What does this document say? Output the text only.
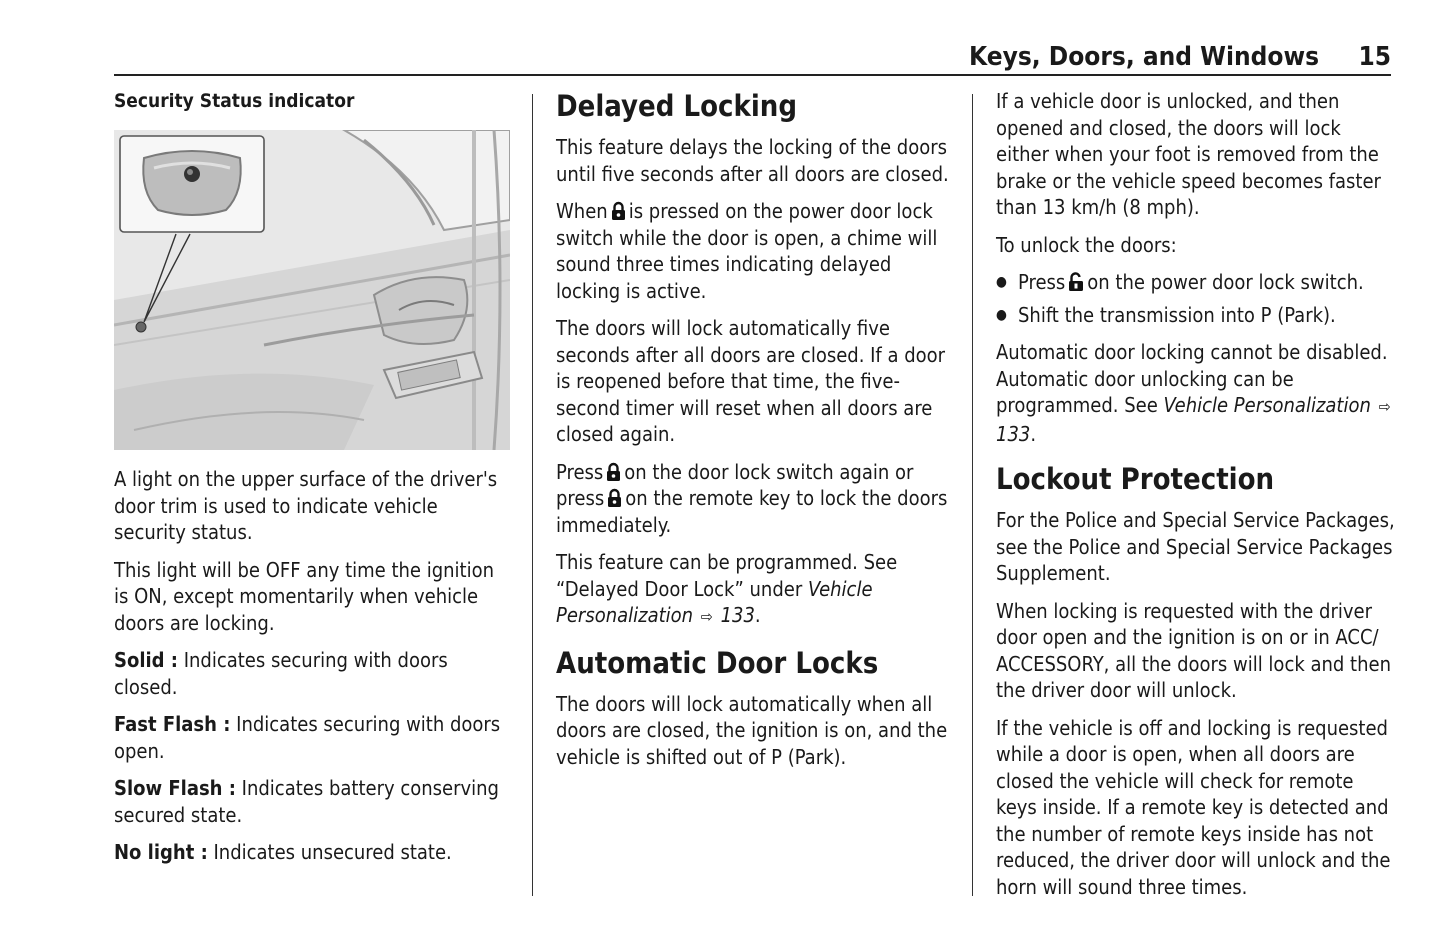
Keys, Doors, and Windows 15
Security Status indicator

A light on the upper surface of the driver's door trim is used to indicate vehicle security status.

This light will be OFF any time the ignition is ON, except momentarily when vehicle doors are locking.

Solid : Indicates securing with doors closed.

Fast Flash : Indicates securing with doors open.

Slow Flash : Indicates battery conserving secured state.

No light : Indicates unsecured state.

Delayed Locking

This feature delays the locking of the doors until five seconds after all doors are closed.

When is pressed on the power door lock switch while the door is open, a chime will sound three times indicating delayed locking is active.

The doors will lock automatically five seconds after all doors are closed. If a door is reopened before that time, the five-second timer will reset when all doors are closed again.

Press on the door lock switch again or press on the remote key to lock the doors immediately.

This feature can be programmed. See “Delayed Door Lock” under Vehicle Personalization ⇨ 133.

Automatic Door Locks

The doors will lock automatically when all doors are closed, the ignition is on, and the vehicle is shifted out of P (Park).

If a vehicle door is unlocked, and then opened and closed, the doors will lock either when your foot is removed from the brake or the vehicle speed becomes faster than 13 km/h (8 mph).

To unlock the doors:

● Press on the power door lock switch.
● Shift the transmission into P (Park).

Automatic door locking cannot be disabled. Automatic door unlocking can be programmed. See Vehicle Personalization ⇨ 133.

Lockout Protection

For the Police and Special Service Packages, see the Police and Special Service Packages Supplement.

When locking is requested with the driver door open and the ignition is on or in ACC/ ACCESSORY, all the doors will lock and then the driver door will unlock.

If the vehicle is off and locking is requested while a door is open, when all doors are closed the vehicle will check for remote keys inside. If a remote key is detected and the number of remote keys inside has not reduced, the driver door will unlock and the horn will sound three times.
